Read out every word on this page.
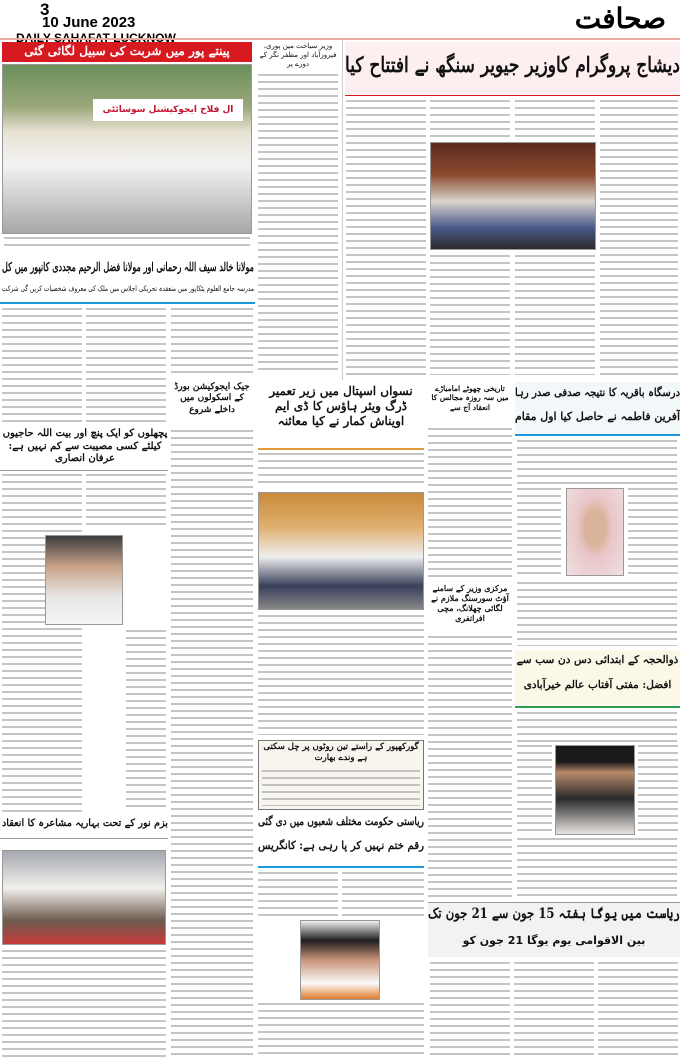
3
10 June 2023	صحافت
پینتے پور میں شربت کی سبیل لگائی گئی
ال فلاح ایجوکیشنل سوسائٹی
وزیر سیاحت مین پوری، فیروزآباد اور مظفر نگر کے دورے پر	دیشاج پروگرام کاوزیر جیویر سنگھ نے افتتاح کیا
مولانا خالد سیف اللہ رحمانی اور مولانا فضل الرحیم مجددی کانپور میں کل
مدرسہ جامع العلوم پٹکاپور میں منعقدہ تحریکی اجلاس میں ملک کی معروف شخصیات کریں گی شرکت
جیک ایجوکیشن بورڈ کے اسکولوں میں داخلے شروع
پچھلوں کو ایک پنچ اور بیت اللہ حاجیوں کیلئے کسی مصیبت سے کم نہیں ہے: عرفان انصاری
بزم نور کے تحت بہاریہ مشاعرہ کا انعقاد
نسواں اسپتال میں زیر تعمیر ڈرگ ویئر ہاؤس کا ڈی ایم اویناش کمار نے کیا معائنہ
گورکھپور کے راستے تین روٹوں پر چل سکتی ہے وندے بھارت
ریاستی حکومت مختلف شعبوں میں دی گئی
رقم ختم نہیں کر پا رہی ہے: کانگریس
تاریخی چھوٹے امامباڑے میں سہ روزہ مجالس کا انعقاد آج سے
مرکزی وزیر کے سامنے آؤٹ سورسنگ ملازم نے لگائی چھلانگ، مچی افراتفری
درسگاہ باقریہ کا نتیجہ صدفی صدر رہا
آفرین فاطمہ نے حاصل کیا اول مقام
ذوالحجہ کے ابتدائی دس دن سب سے
افضل: مفتی آفتاب عالم خیرآبادی
ریاست میں یوگا ہفتہ 15 جون سے 21 جون تک
بین الاقوامی یوم یوگا 21 جون کو
